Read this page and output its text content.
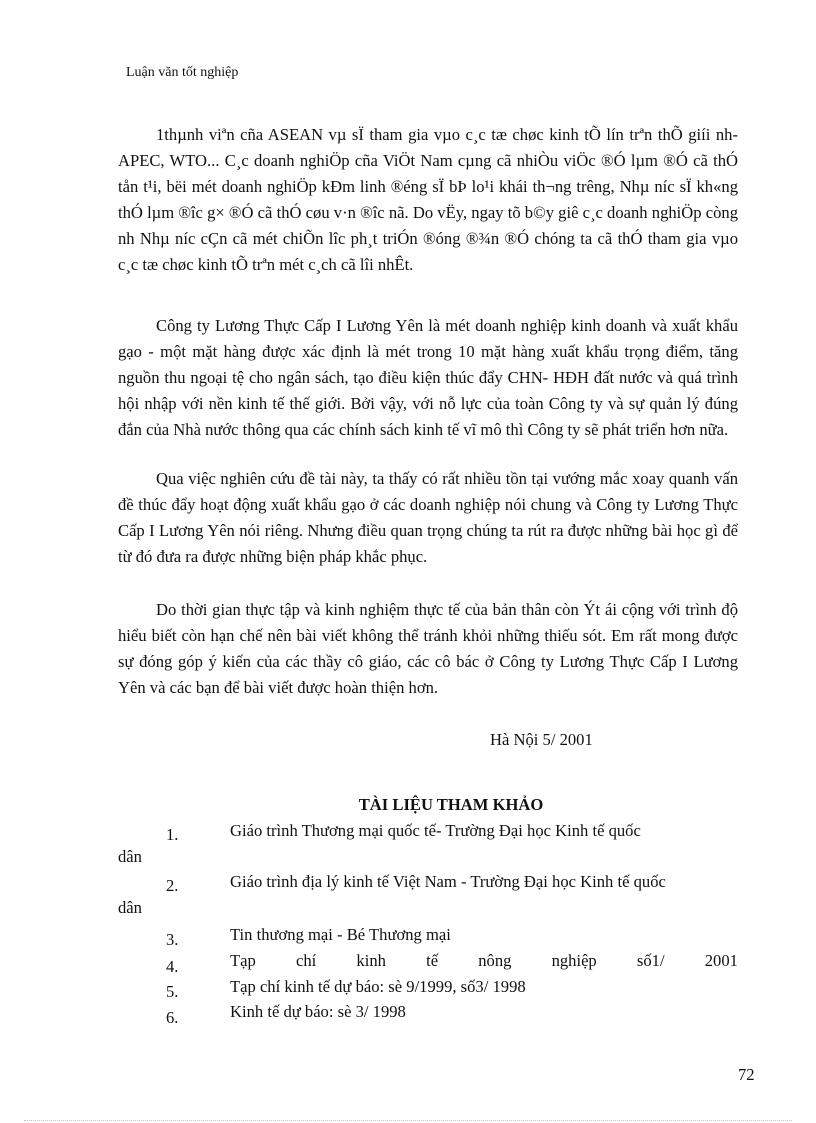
Luận văn tốt nghiệp
1thµnh viªn cña ASEAN vµ sÏ tham gia vµo c¸c tæ chøc kinh tÕ lín trªn thÕ giíi nh APEC, WTO... C¸c doanh nghiÖp cña ViÖt Nam cµng cã nhiÒu viÖc ®Ó lµm ®Ó cã thÓ tån t¹i, bëi mét doanh nghiÖp kÐm linh ®éng sÏ bÞ lo¹i khái th¬ng trêng, Nhµ níc sÏ kh«ng thÓ lµm ®îc g× ®Ó cã thÓ cøu v·n ®îc nã. Do vËy, ngay tõ b©y giê c¸c doanh nghiÖp còng nh Nhµ níc cÇn cã mét chiÕn lîc ph¸t triÓn ®óng ®¾n ®Ó chóng ta cã thÓ tham gia vµo c¸c tæ chøc kinh tÕ trªn mét c¸ch cã lîi nhÊt.
Công ty Lương Thực Cấp I Lương Yên là mét doanh nghiệp kinh doanh và xuất khẩu gạo - một mặt hàng được xác định là mét trong 10 mặt hàng xuất khẩu trọng điểm, tăng nguồn thu ngoại tệ cho ngân sách, tạo điều kiện thúc đẩy CHN- HĐH đất nước và quá trình hội nhập với nền kinh tế thế giới. Bởi vậy, với nỗ lực của toàn Công ty và sự quản lý đúng đắn của Nhà nước thông qua các chính sách kinh tế vĩ mô thì Công ty sẽ phát triển hơn nữa.
Qua việc nghiên cứu đề tài này, ta thấy có rất nhiều tồn tại vướng mắc xoay quanh vấn đề thúc đẩy hoạt động xuất khẩu gạo ở các doanh nghiệp nói chung và Công ty Lương Thực Cấp I Lương Yên nói riêng. Nhưng điều quan trọng chúng ta rút ra được những bài học gì để từ đó đưa ra được những biện pháp khắc phục.
Do thời gian thực tập và kinh nghiệm thực tế của bản thân còn Ýt ái cộng với trình độ hiểu biết còn hạn chế nên bài viết không thể tránh khỏi những thiếu sót. Em rất mong được sự đóng góp ý kiến của các thầy cô giáo, các cô bác ở Công ty Lương Thực Cấp I Lương Yên và các bạn để bài viết được hoàn thiện hơn.
Hà Nội 5/ 2001
TÀI LIỆU THAM KHẢO
1.	Giáo trình Thương mại quốc tế- Trường Đại học Kinh tế quốc
dân
2.	Giáo trình địa lý kinh tế Việt Nam - Trường Đại học Kinh tế quốc
dân
3.	Tin thương mại - Bé Thương mại
4.	Tạp chí kinh tế nông nghiệp số1/ 2001
5.	Tạp chí kinh tế dự báo: sè 9/1999, số3/ 1998
6.	Kinh tế dự báo: sè 3/ 1998
72
